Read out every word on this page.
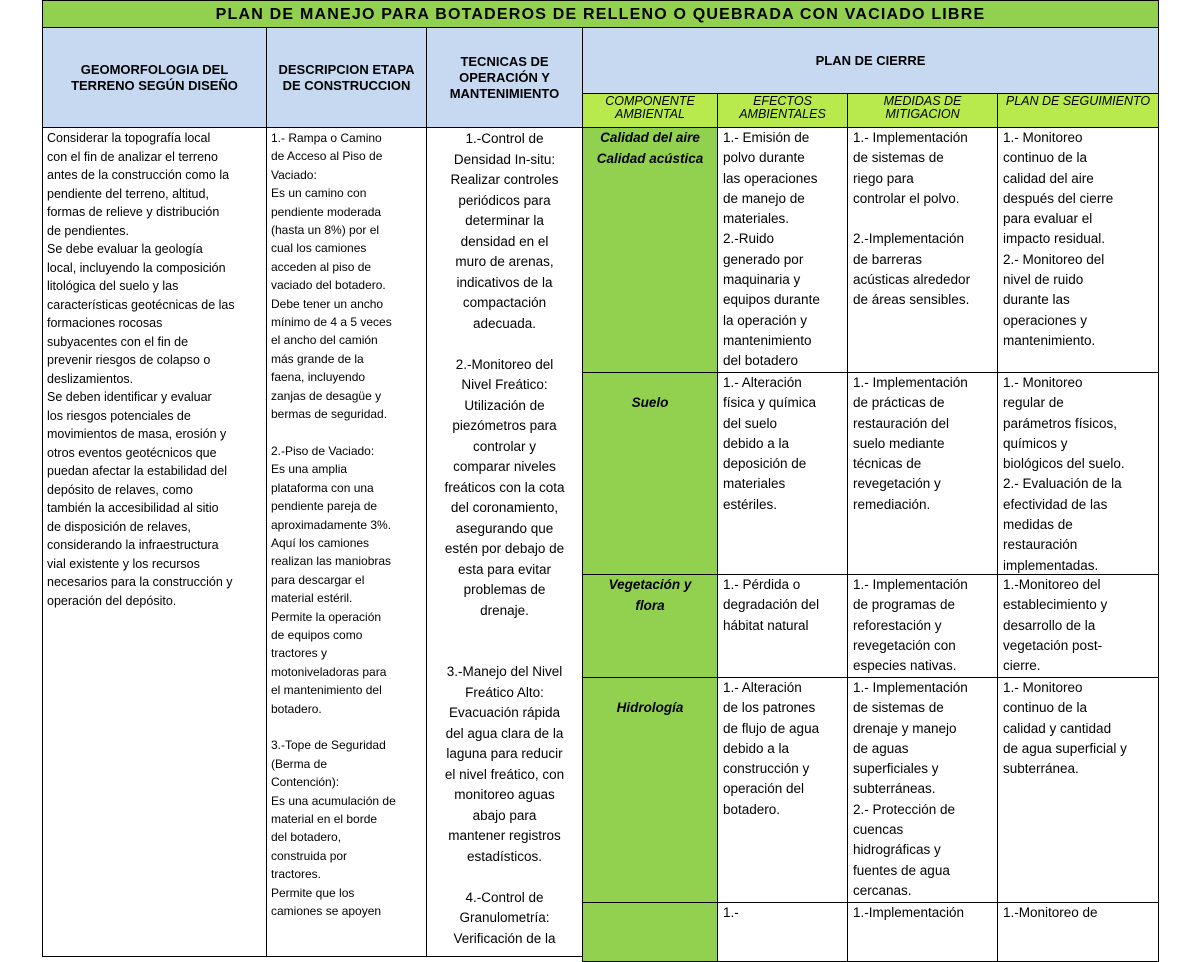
PLAN DE MANEJO PARA BOTADEROS DE RELLENO O QUEBRADA CON VACIADO LIBRE
GEOMORFOLOGIA DEL TERRENO SEGÚN DISEÑO
DESCRIPCION ETAPA DE CONSTRUCCION
TECNICAS DE OPERACIÓN Y MANTENIMIENTO
PLAN DE CIERRE
COMPONENTE AMBIENTAL
EFECTOS AMBIENTALES
MEDIDAS DE MITIGACION
PLAN DE SEGUIMIENTO
Considerar la topografía local
con el fin de analizar el terreno
antes de la construcción como la
pendiente del terreno, altitud,
formas de relieve y distribución
de pendientes.
Se debe evaluar la geología
local, incluyendo la composición
litológica del suelo y las
características geotécnicas de las
formaciones rocosas
subyacentes con el fin de
prevenir riesgos de colapso o
deslizamientos.
Se deben identificar y evaluar
los riesgos potenciales de
movimientos de masa, erosión y
otros eventos geotécnicos que
puedan afectar la estabilidad del
depósito de relaves, como
también la accesibilidad al sitio
de disposición de relaves,
considerando la infraestructura
vial existente y los recursos
necesarios para la construcción y
operación del depósito.
1.- Rampa o Camino
de Acceso al Piso de
Vaciado:
Es un camino con
pendiente moderada
(hasta un 8%) por el
cual los camiones
acceden al piso de
vaciado del botadero.
Debe tener un ancho
mínimo de 4 a 5 veces
el ancho del camión
más grande de la
faena, incluyendo
zanjas de desagüe y
bermas de seguridad.

2.-Piso de Vaciado:
Es una amplia
plataforma con una
pendiente pareja de
aproximadamente 3%.
Aquí los camiones
realizan las maniobras
para descargar el
material estéril.
Permite la operación
de equipos como
tractores y
motoniveladoras para
el mantenimiento del
botadero.

3.-Tope de Seguridad
(Berma de
Contención):
Es una acumulación de
material en el borde
del botadero,
construida por
tractores.
Permite que los
camiones se apoyen
1.-Control de
Densidad In-situ:
Realizar controles
periódicos para
determinar la
densidad en el
muro de arenas,
indicativos de la
compactación
adecuada.

2.-Monitoreo del
Nivel Freático:
Utilización de
piezómetros para
controlar y
comparar niveles
freáticos con la cota
del coronamiento,
asegurando que
estén por debajo de
esta para evitar
problemas de
drenaje.

3.-Manejo del Nivel
Freático Alto:
Evacuación rápida
del agua clara de la
laguna para reducir
el nivel freático, con
monitoreo aguas
abajo para
mantener registros
estadísticos.

4.-Control de
Granulometría:
Verificación de la
Calidad del aire
Calidad acústica
1.- Emisión de
polvo durante
las operaciones
de manejo de
materiales.
2.-Ruido
generado por
maquinaria y
equipos durante
la operación y
mantenimiento
del botadero
1.- Implementación
de sistemas de
riego para
controlar el polvo.

2.-Implementación
de barreras
acústicas alrededor
de áreas sensibles.
1.- Monitoreo
continuo de la
calidad del aire
después del cierre
para evaluar el
impacto residual.
2.- Monitoreo del
nivel de ruido
durante las
operaciones y
mantenimiento.
Suelo
1.- Alteración
física y química
del suelo
debido a la
deposición de
materiales
estériles.
1.- Implementación
de prácticas de
restauración del
suelo mediante
técnicas de
revegetación y
remediación.
1.- Monitoreo
regular de
parámetros físicos,
químicos y
biológicos del suelo.
2.- Evaluación de la
efectividad de las
medidas de
restauración
implementadas.
Vegetación y
flora
1.- Pérdida o
degradación del
hábitat natural
1.- Implementación
de programas de
reforestación y
revegetación con
especies nativas.
1.-Monitoreo del
establecimiento y
desarrollo de la
vegetación post-
cierre.
Hidrología
1.- Alteración
de los patrones
de flujo de agua
debido a la
construcción y
operación del
botadero.
1.- Implementación
de sistemas de
drenaje y manejo
de aguas
superficiales y
subterráneas.
2.- Protección de
cuencas
hidrográficas y
fuentes de agua
cercanas.
1.- Monitoreo
continuo de la
calidad y cantidad
de agua superficial y
subterránea.
1.-	1.-Implementación	1.-Monitoreo de
